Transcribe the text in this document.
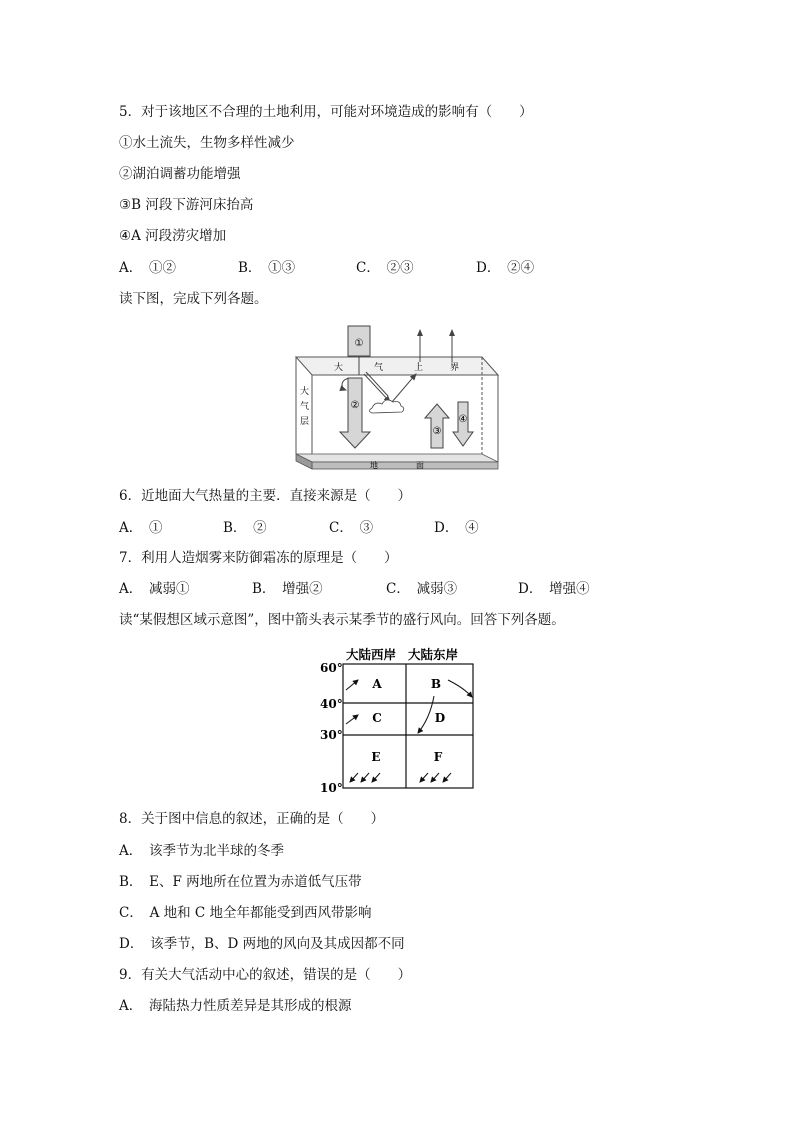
5．对于该地区不合理的土地利用，可能对环境造成的影响有（　　）
①水土流失，生物多样性减少
②湖泊调蓄功能增强
③B 河段下游河床抬高
④A 河段涝灾增加
A．　①②	B．　①③	C．　②③	D．　②④
读下图，完成下列各题。
大	气	上	界
大
气
层
地	面
①
②
③
④
6．近地面大气热量的主要．直接来源是（　　）
A．　①	B．　②	C．　③	D．　④
7．利用人造烟雾来防御霜冻的原理是（　　）
A．　减弱①	B．　增强②	C．　减弱③	D．　增强④
读“某假想区域示意图”，图中箭头表示某季节的盛行风向。回答下列各题。
大陆西岸 大陆东岸
60°
40°
30°
10°
A	B
C	D
E	F
8．关于图中信息的叙述，正确的是（　　）
A．　该季节为北半球的冬季
B．　E、F 两地所在位置为赤道低气压带
C．　A 地和 C 地全年都能受到西风带影响
D．　该季节，B、D 两地的风向及其成因都不同
9．有关大气活动中心的叙述，错误的是（　　）
A．　海陆热力性质差异是其形成的根源
